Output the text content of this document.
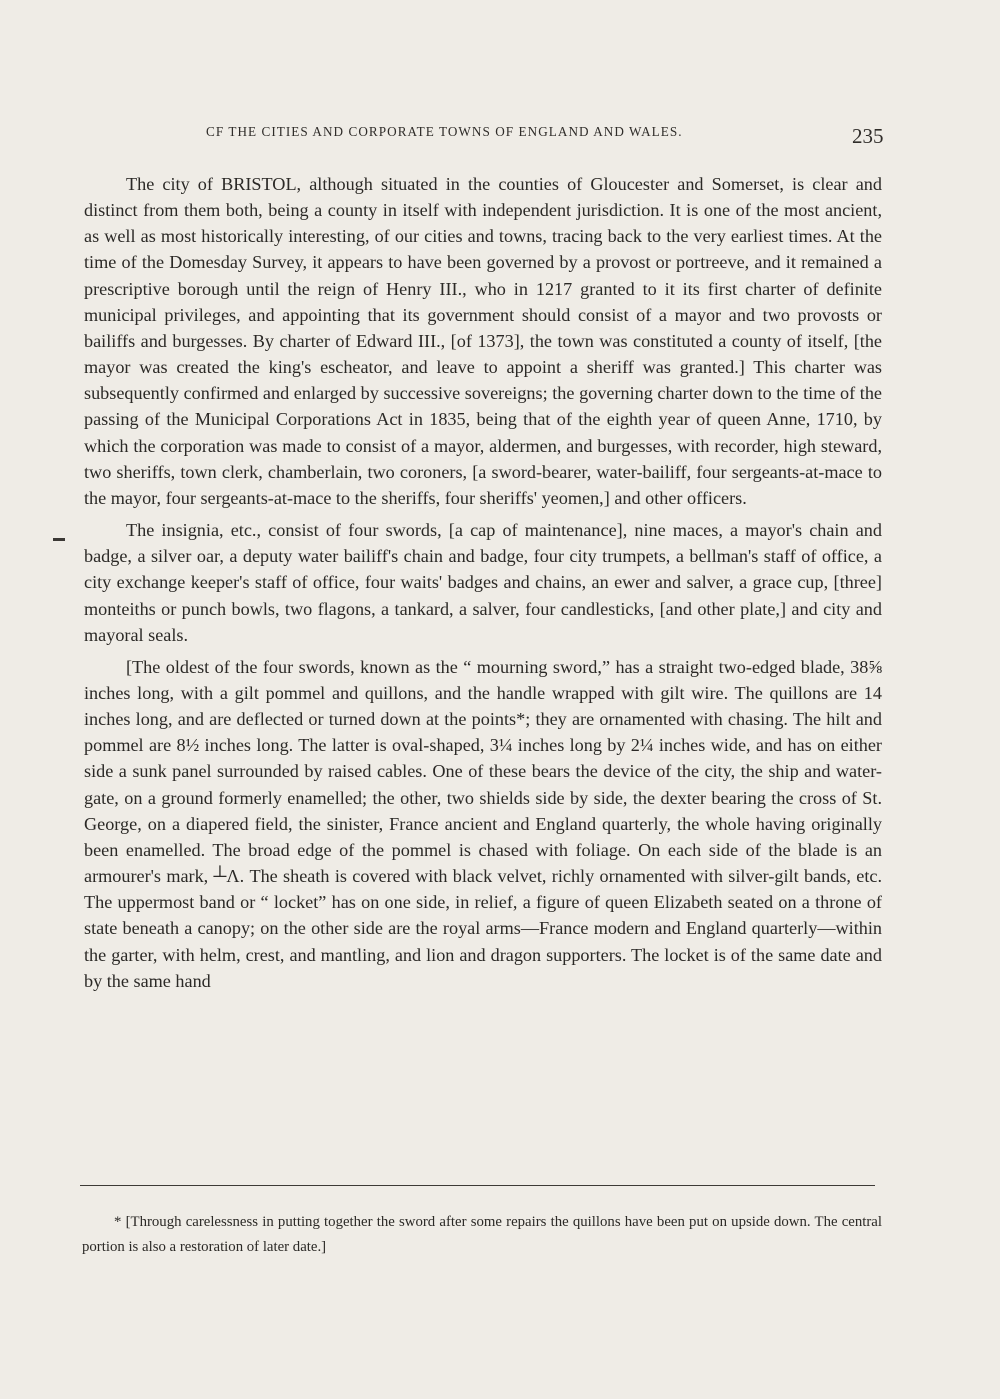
CF THE CITIES AND CORPORATE TOWNS OF ENGLAND AND WALES.	235

The city of BRISTOL, although situated in the counties of Gloucester and Somerset, is clear and distinct from them both, being a county in itself with independent jurisdiction. It is one of the most ancient, as well as most historically interesting, of our cities and towns, tracing back to the very earliest times. At the time of the Domesday Survey, it appears to have been governed by a provost or portreeve, and it remained a prescriptive borough until the reign of Henry III., who in 1217 granted to it its first charter of definite municipal privileges, and appointing that its government should consist of a mayor and two provosts or bailiffs and burgesses. By charter of Edward III., [of 1373], the town was constituted a county of itself, [the mayor was created the king's escheator, and leave to appoint a sheriff was granted.] This charter was subsequently confirmed and enlarged by successive sovereigns; the governing charter down to the time of the passing of the Municipal Corporations Act in 1835, being that of the eighth year of queen Anne, 1710, by which the corporation was made to consist of a mayor, aldermen, and burgesses, with recorder, high steward, two sheriffs, town clerk, chamberlain, two coroners, [a sword-bearer, water-bailiff, four sergeants-at-mace to the mayor, four sergeants-at-mace to the sheriffs, four sheriffs' yeomen,] and other officers.

The insignia, etc., consist of four swords, [a cap of maintenance], nine maces, a mayor's chain and badge, a silver oar, a deputy water bailiff's chain and badge, four city trumpets, a bellman's staff of office, a city exchange keeper's staff of office, four waits' badges and chains, an ewer and salver, a grace cup, [three] monteiths or punch bowls, two flagons, a tankard, a salver, four candlesticks, [and other plate,] and city and mayoral seals.

[The oldest of the four swords, known as the “ mourning sword,” has a straight two-edged blade, 38⅝ inches long, with a gilt pommel and quillons, and the handle wrapped with gilt wire. The quillons are 14 inches long, and are deflected or turned down at the points*; they are ornamented with chasing. The hilt and pommel are 8½ inches long. The latter is oval-shaped, 3¼ inches long by 2¼ inches wide, and has on either side a sunk panel surrounded by raised cables. One of these bears the device of the city, the ship and water-gate, on a ground formerly enamelled; the other, two shields side by side, the dexter bearing the cross of St. George, on a diapered field, the sinister, France ancient and England quarterly, the whole having originally been enamelled. The broad edge of the pommel is chased with foliage. On each side of the blade is an armourer's mark, ┴Λ. The sheath is covered with black velvet, richly ornamented with silver-gilt bands, etc. The uppermost band or “ locket” has on one side, in relief, a figure of queen Elizabeth seated on a throne of state beneath a canopy; on the other side are the royal arms—France modern and England quarterly—within the garter, with helm, crest, and mantling, and lion and dragon supporters. The locket is of the same date and by the same hand

* [Through carelessness in putting together the sword after some repairs the quillons have been put on upside down. The central portion is also a restoration of later date.]
